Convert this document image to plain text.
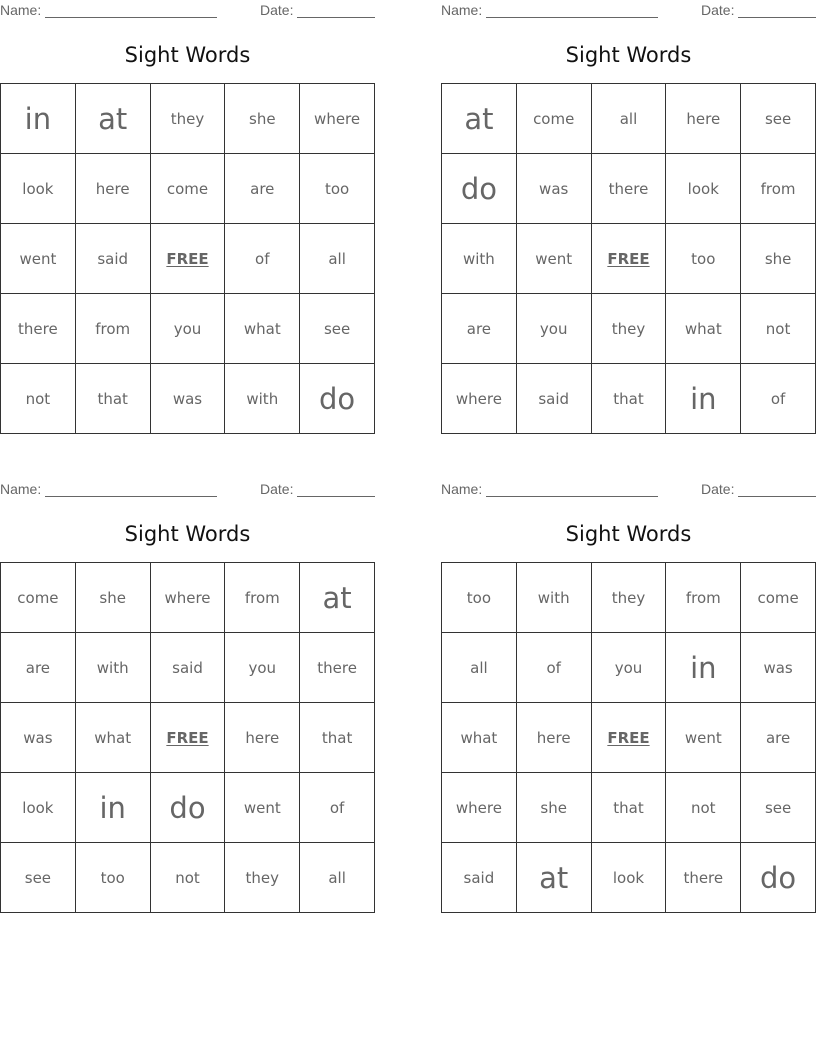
Name:	Date:
Sight Words
in	at	they	she	where
look	here	come	are	too
went	said	FREE	of	all
there	from	you	what	see
not	that	was	with	do
Name:	Date:
Sight Words
at	come	all	here	see
do	was	there	look	from
with	went	FREE	too	she
are	you	they	what	not
where	said	that	in	of
Name:	Date:
Sight Words
come	she	where	from	at
are	with	said	you	there
was	what	FREE	here	that
look	in	do	went	of
see	too	not	they	all
Name:	Date:
Sight Words
too	with	they	from	come
all	of	you	in	was
what	here	FREE	went	are
where	she	that	not	see
said	at	look	there	do
